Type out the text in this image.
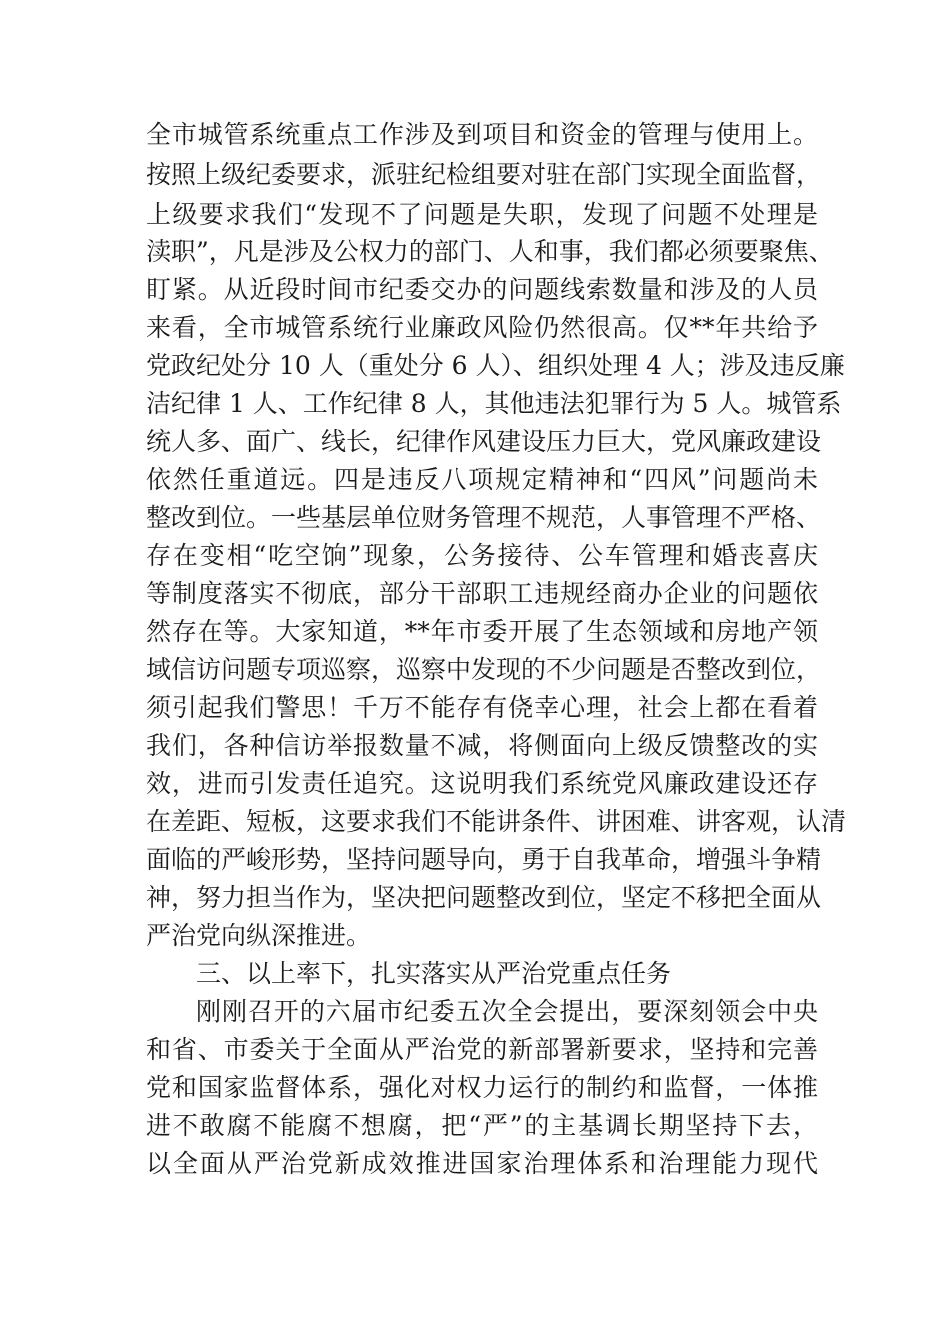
全市城管系统重点工作涉及到项目和资金的管理与使用上。
按照上级纪委要求，派驻纪检组要对驻在部门实现全面监督，
上级要求我们“发现不了问题是失职，发现了问题不处理是
渎职”，凡是涉及公权力的部门、人和事，我们都必须要聚焦、
盯紧。从近段时间市纪委交办的问题线索数量和涉及的人员
来看，全市城管系统行业廉政风险仍然很高。仅**年共给予
党政纪处分 10 人（重处分 6 人）、组织处理 4 人；涉及违反廉
洁纪律 1 人、工作纪律 8 人，其他违法犯罪行为 5 人。城管系
统人多、面广、线长，纪律作风建设压力巨大，党风廉政建设
依然任重道远。四是违反八项规定精神和“四风”问题尚未
整改到位。一些基层单位财务管理不规范，人事管理不严格、
存在变相“吃空饷”现象，公务接待、公车管理和婚丧喜庆
等制度落实不彻底，部分干部职工违规经商办企业的问题依
然存在等。大家知道，**年市委开展了生态领域和房地产领
域信访问题专项巡察，巡察中发现的不少问题是否整改到位，
须引起我们警思！千万不能存有侥幸心理，社会上都在看着
我们，各种信访举报数量不减，将侧面向上级反馈整改的实
效，进而引发责任追究。这说明我们系统党风廉政建设还存
在差距、短板，这要求我们不能讲条件、讲困难、讲客观，认清
面临的严峻形势，坚持问题导向，勇于自我革命，增强斗争精
神，努力担当作为，坚决把问题整改到位，坚定不移把全面从
严治党向纵深推进。
三、以上率下，扎实落实从严治党重点任务
刚刚召开的六届市纪委五次全会提出，要深刻领会中央
和省、市委关于全面从严治党的新部署新要求，坚持和完善
党和国家监督体系，强化对权力运行的制约和监督，一体推
进不敢腐不能腐不想腐，把“严”的主基调长期坚持下去，
以全面从严治党新成效推进国家治理体系和治理能力现代
